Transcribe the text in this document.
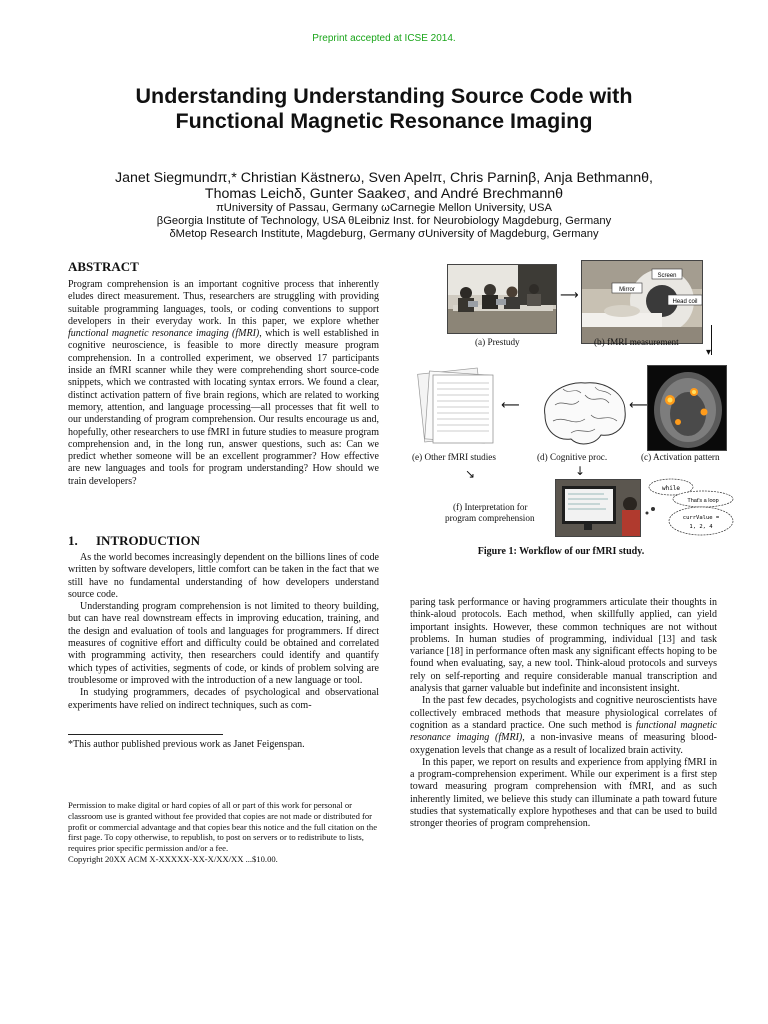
Preprint accepted at ICSE 2014.
Understanding Understanding Source Code with
Functional Magnetic Resonance Imaging
Janet Siegmundπ,* Christian Kästnerω, Sven Apelπ, Chris Parninβ, Anja Bethmannθ,
Thomas Leichδ, Gunter Saakeσ, and André Brechmannθ
πUniversity of Passau, Germany ωCarnegie Mellon University, USA
βGeorgia Institute of Technology, USA θLeibniz Inst. for Neurobiology Magdeburg, Germany
δMetop Research Institute, Magdeburg, Germany σUniversity of Magdeburg, Germany
ABSTRACT

Program comprehension is an important cognitive process that inherently eludes direct measurement. Thus, researchers are struggling with providing suitable programming languages, tools, or coding conventions to support developers in their everyday work. In this paper, we explore whether functional magnetic resonance imaging (fMRI), which is well established in cognitive neuroscience, is feasible to more directly measure program comprehension. In a controlled experiment, we observed 17 participants inside an fMRI scanner while they were comprehending short source-code snippets, which we contrasted with locating syntax errors. We found a clear, distinct activation pattern of five brain regions, which are related to working memory, attention, and language processing—all processes that fit well to our understanding of program comprehension. Our results encourage us and, hopefully, other researchers to use fMRI in future studies to measure program comprehension and, in the long run, answer questions, such as: Can we predict whether someone will be an excellent programmer? How effective are new languages and tools for program understanding? How should we train developers?

1. INTRODUCTION

As the world becomes increasingly dependent on the billions lines of code written by software developers, little comfort can be taken in the fact that we still have no fundamental understanding of how developers understand source code.

Understanding program comprehension is not limited to theory building, but can have real downstream effects in improving education, training, and the design and evaluation of tools and languages for programmers. If direct measures of cognitive effort and difficulty could be obtained and correlated with programming activity, then researchers could identify and quantify which types of activities, segments of code, or kinds of problem solving are troublesome or improved with the introduction of a new language or tool.

In studying programmers, decades of psychological and observational experiments have relied on indirect techniques, such as com-

*This author published previous work as Janet Feigenspan.

Permission to make digital or hard copies of all or part of this work for personal or classroom use is granted without fee provided that copies are not made or distributed for profit or commercial advantage and that copies bear this notice and the full citation on the first page. To copy otherwise, to republish, to post on servers or to redistribute to lists, requires prior specific permission and/or a fee.

Copyright 20XX ACM X-XXXXX-XX-X/XX/XX ...$10.00.

paring task performance or having programmers articulate their thoughts in think-aloud protocols. Each method, when skillfully applied, can yield important insights. However, these common techniques are not without problems. In human studies of programming, individual [13] and task variance [18] in performance often mask any significant effects hoping to be found when evaluating, say, a new tool. Think-aloud protocols and surveys rely on self-reporting and require considerable manual transcription and analysis that garner valuable but indefinite and inconsistent insight.

In the past few decades, psychologists and cognitive neuroscientists have collectively embraced methods that measure physiological correlates of cognition as a standard practice. One such method is functional magnetic resonance imaging (fMRI), a non-invasive means of measuring blood-oxygenation levels that change as a result of localized brain activity.

In this paper, we report on results and experience from applying fMRI in a program-comprehension experiment. While our experiment is a first step toward measuring program comprehension with fMRI, and as such inherently limited, we believe this study can illuminate a path toward future studies that systematically explore hypotheses and that can be used to build stronger theories of program comprehension.

(a) Prestudy
⟶
Screen
Mirror
Head coil
(b) fMRI measurement
▾
(c) Activation pattern
⟵
(d) Cognitive proc.
⟵
(e) Other fMRI studies
↘	↓
(f) Interpretation for
program comprehension
while
That's a loop
currValue =
1, 2, 4
Figure 1: Workflow of our fMRI study.
